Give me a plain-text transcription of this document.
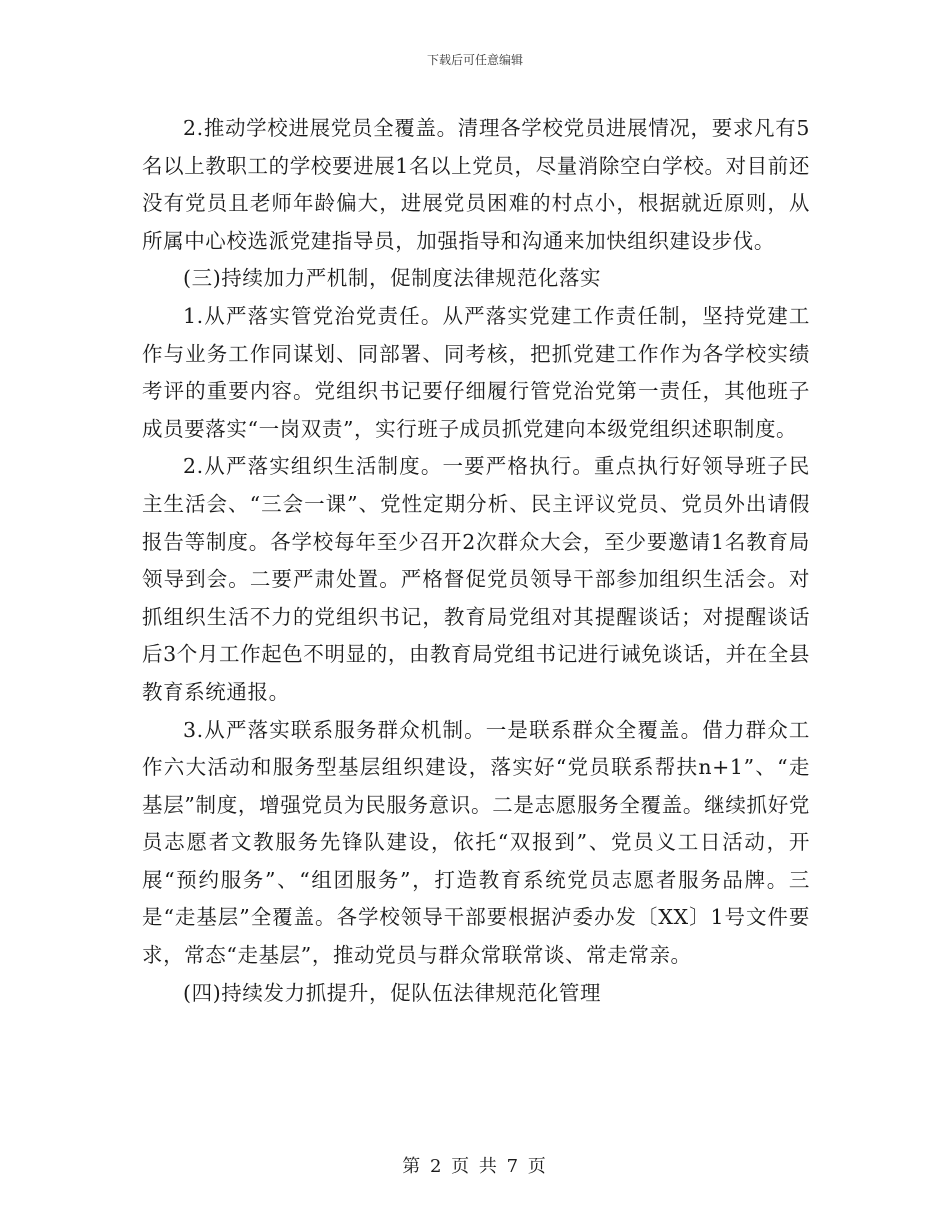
下载后可任意编辑

2.推动学校进展党员全覆盖。清理各学校党员进展情况，要求凡有5名以上教职工的学校要进展1名以上党员，尽量消除空白学校。对目前还没有党员且老师年龄偏大，进展党员困难的村点小，根据就近原则，从所属中心校选派党建指导员，加强指导和沟通来加快组织建设步伐。

(三)持续加力严机制，促制度法律规范化落实

1.从严落实管党治党责任。从严落实党建工作责任制，坚持党建工作与业务工作同谋划、同部署、同考核，把抓党建工作作为各学校实绩考评的重要内容。党组织书记要仔细履行管党治党第一责任，其他班子成员要落实“一岗双责”，实行班子成员抓党建向本级党组织述职制度。

2.从严落实组织生活制度。一要严格执行。重点执行好领导班子民主生活会、“三会一课”、党性定期分析、民主评议党员、党员外出请假报告等制度。各学校每年至少召开2次群众大会，至少要邀请1名教育局领导到会。二要严肃处置。严格督促党员领导干部参加组织生活会。对抓组织生活不力的党组织书记，教育局党组对其提醒谈话；对提醒谈话后3个月工作起色不明显的，由教育局党组书记进行诫免谈话，并在全县教育系统通报。

3.从严落实联系服务群众机制。一是联系群众全覆盖。借力群众工作六大活动和服务型基层组织建设，落实好“党员联系帮扶n+1”、“走基层”制度，增强党员为民服务意识。二是志愿服务全覆盖。继续抓好党员志愿者文教服务先锋队建设，依托“双报到”、党员义工日活动，开展“预约服务”、“组团服务”，打造教育系统党员志愿者服务品牌。三是“走基层”全覆盖。各学校领导干部要根据泸委办发〔XX〕1号文件要求，常态“走基层”，推动党员与群众常联常谈、常走常亲。

(四)持续发力抓提升，促队伍法律规范化管理

第 2 页 共 7 页
